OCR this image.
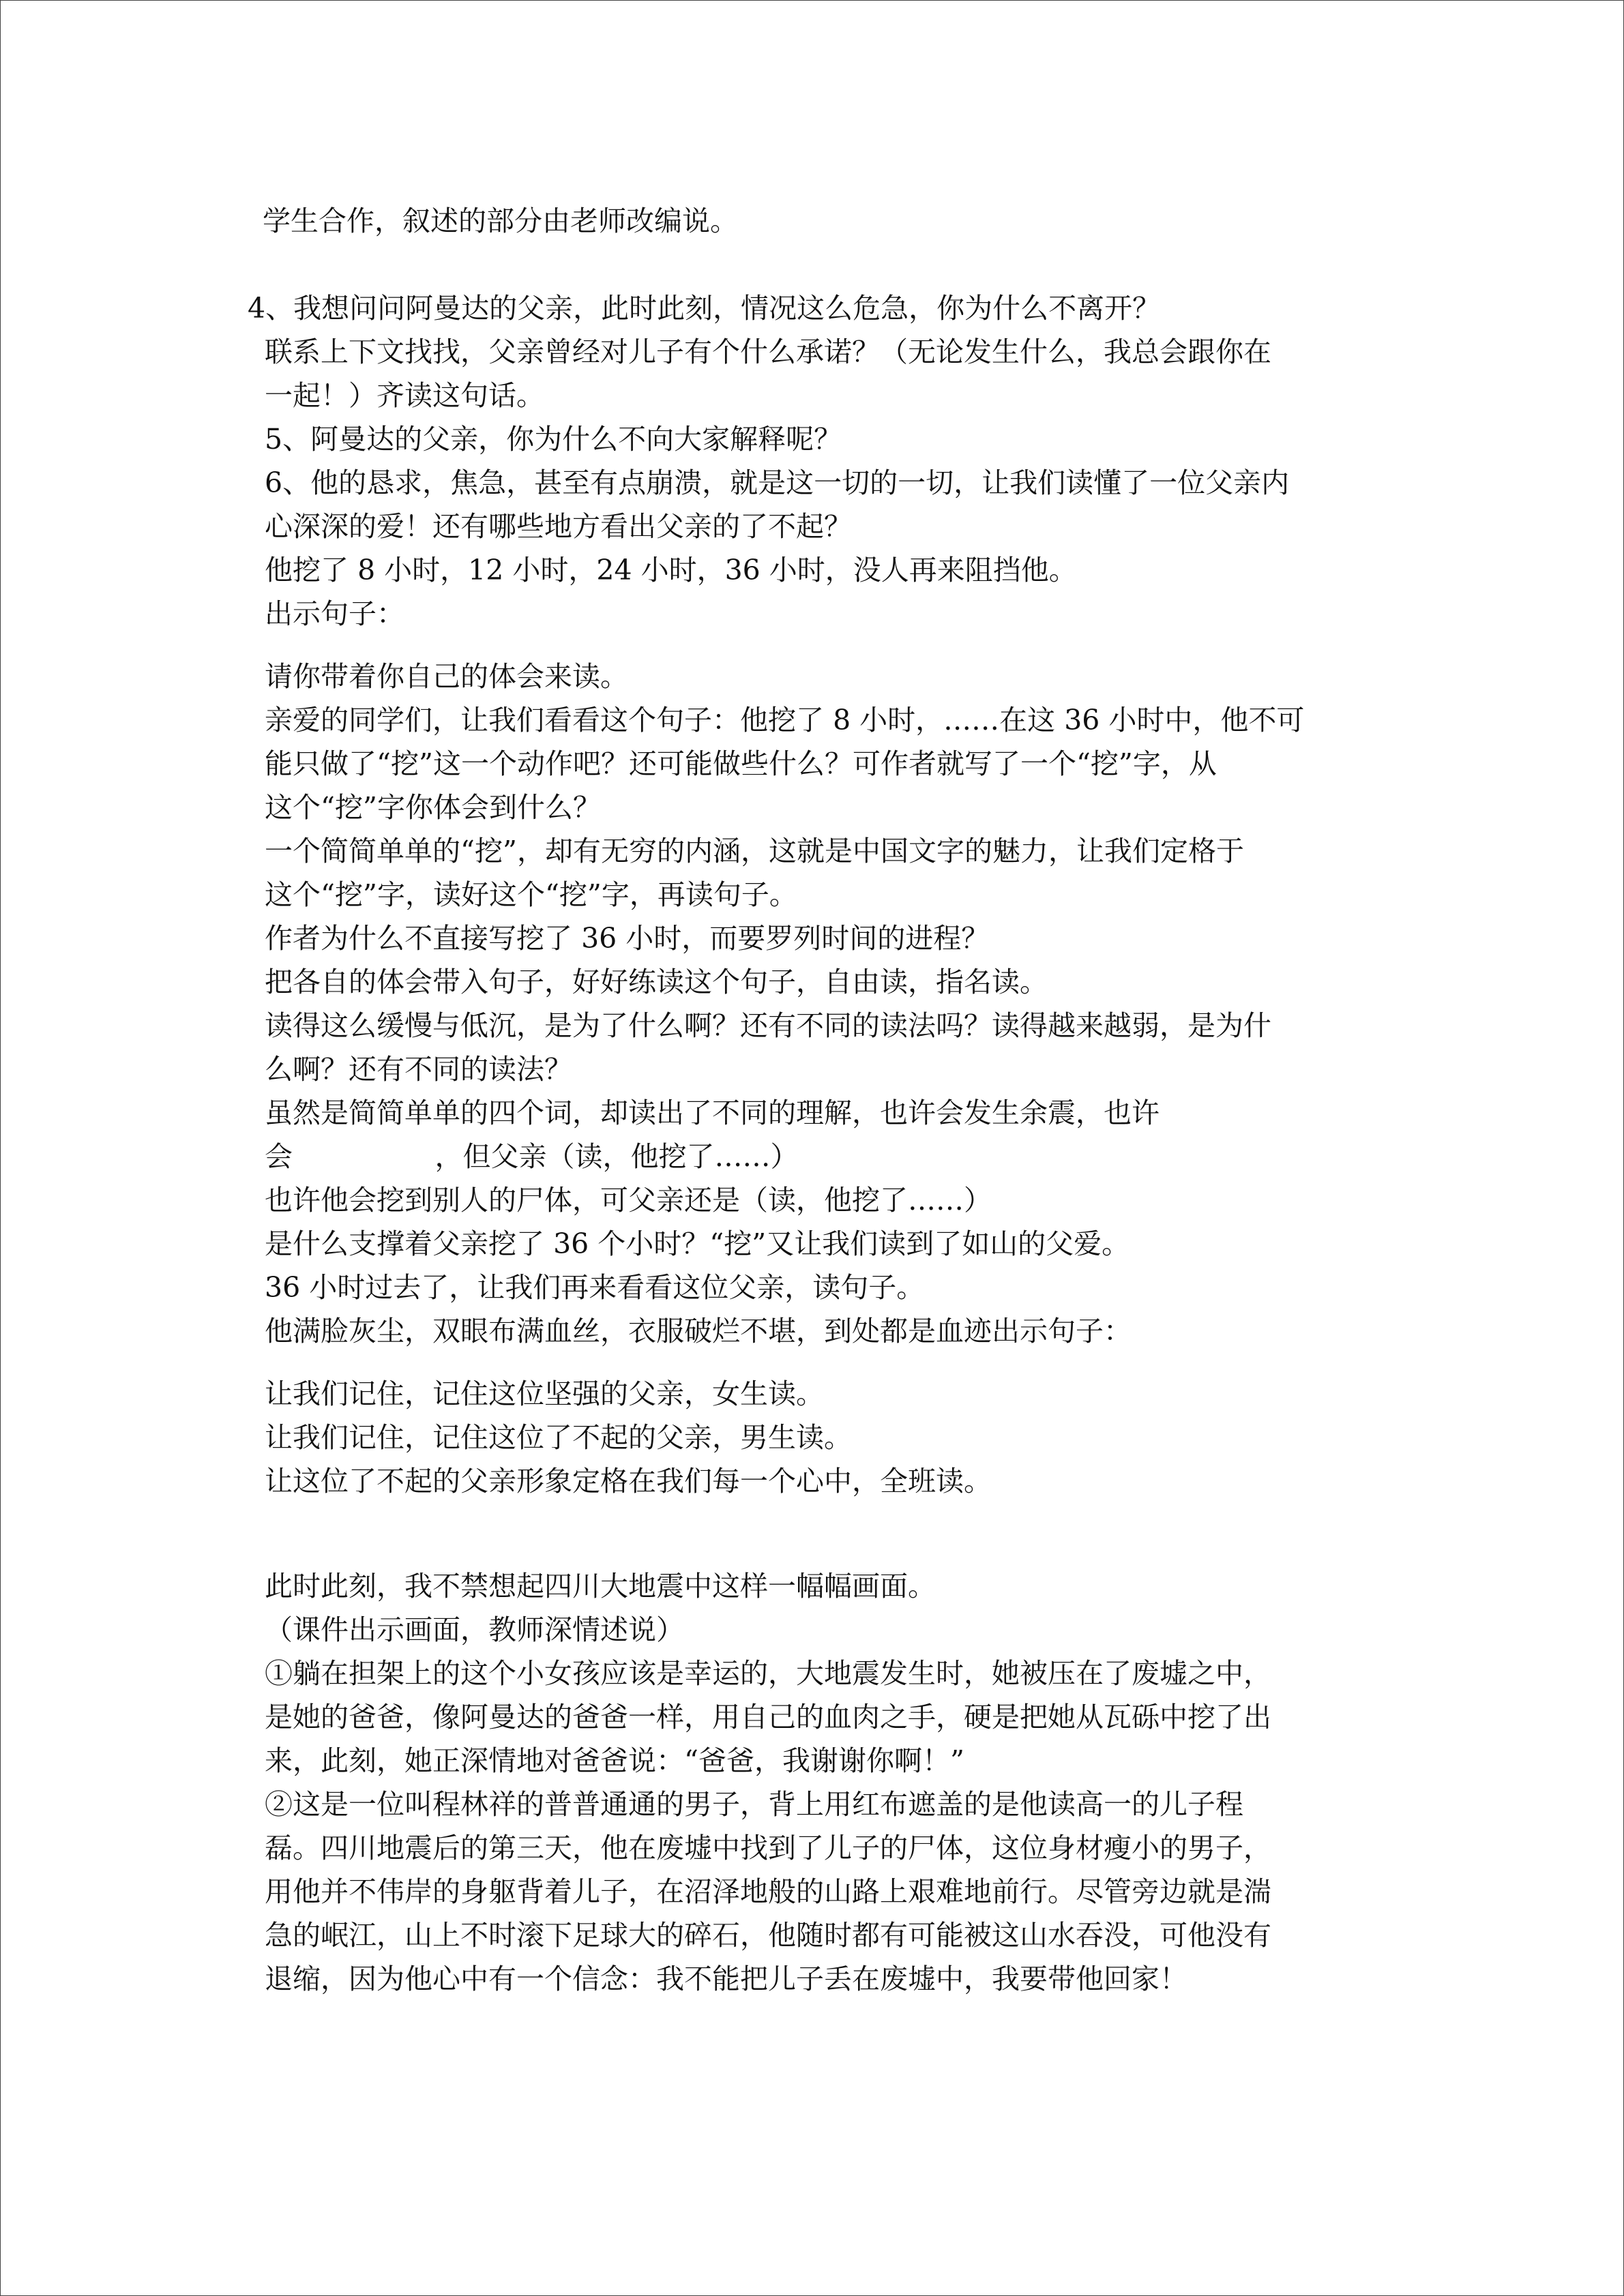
学生合作，叙述的部分由老师改编说。
4、我想问问阿曼达的父亲，此时此刻，情况这么危急，你为什么不离开？
联系上下文找找，父亲曾经对儿子有个什么承诺？（无论发生什么，我总会跟你在
一起！）齐读这句话。
5、阿曼达的父亲，你为什么不向大家解释呢？
6、他的恳求，焦急，甚至有点崩溃，就是这一切的一切，让我们读懂了一位父亲内
心深深的爱！还有哪些地方看出父亲的了不起？
他挖了 8 小时，12 小时，24 小时，36 小时，没人再来阻挡他。
出示句子：
请你带着你自己的体会来读。
亲爱的同学们，让我们看看这个句子：他挖了 8 小时，……在这 36 小时中，他不可
能只做了“挖”这一个动作吧？还可能做些什么？可作者就写了一个“挖”字，从
这个“挖”字你体会到什么？
一个简简单单的“挖”，却有无穷的内涵，这就是中国文字的魅力，让我们定格于
这个“挖”字，读好这个“挖”字，再读句子。
作者为什么不直接写挖了 36 小时，而要罗列时间的进程？
把各自的体会带入句子，好好练读这个句子，自由读，指名读。
读得这么缓慢与低沉，是为了什么啊？还有不同的读法吗？读得越来越弱，是为什
么啊？还有不同的读法？
虽然是简简单单的四个词，却读出了不同的理解，也许会发生余震，也许
会                ，但父亲（读，他挖了……）
也许他会挖到别人的尸体，可父亲还是（读，他挖了……）
是什么支撑着父亲挖了 36 个小时？“挖”又让我们读到了如山的父爱。
36 小时过去了，让我们再来看看这位父亲，读句子。
他满脸灰尘，双眼布满血丝，衣服破烂不堪，到处都是血迹出示句子：
让我们记住，记住这位坚强的父亲，女生读。
让我们记住，记住这位了不起的父亲，男生读。
让这位了不起的父亲形象定格在我们每一个心中，全班读。
此时此刻，我不禁想起四川大地震中这样一幅幅画面。
（课件出示画面，教师深情述说）
①躺在担架上的这个小女孩应该是幸运的，大地震发生时，她被压在了废墟之中，
是她的爸爸，像阿曼达的爸爸一样，用自己的血肉之手，硬是把她从瓦砾中挖了出
来，此刻，她正深情地对爸爸说：“爸爸，我谢谢你啊！”
②这是一位叫程林祥的普普通通的男子，背上用红布遮盖的是他读高一的儿子程
磊。四川地震后的第三天，他在废墟中找到了儿子的尸体，这位身材瘦小的男子，
用他并不伟岸的身躯背着儿子，在沼泽地般的山路上艰难地前行。尽管旁边就是湍
急的岷江，山上不时滚下足球大的碎石，他随时都有可能被这山水吞没，可他没有
退缩，因为他心中有一个信念：我不能把儿子丢在废墟中，我要带他回家！
